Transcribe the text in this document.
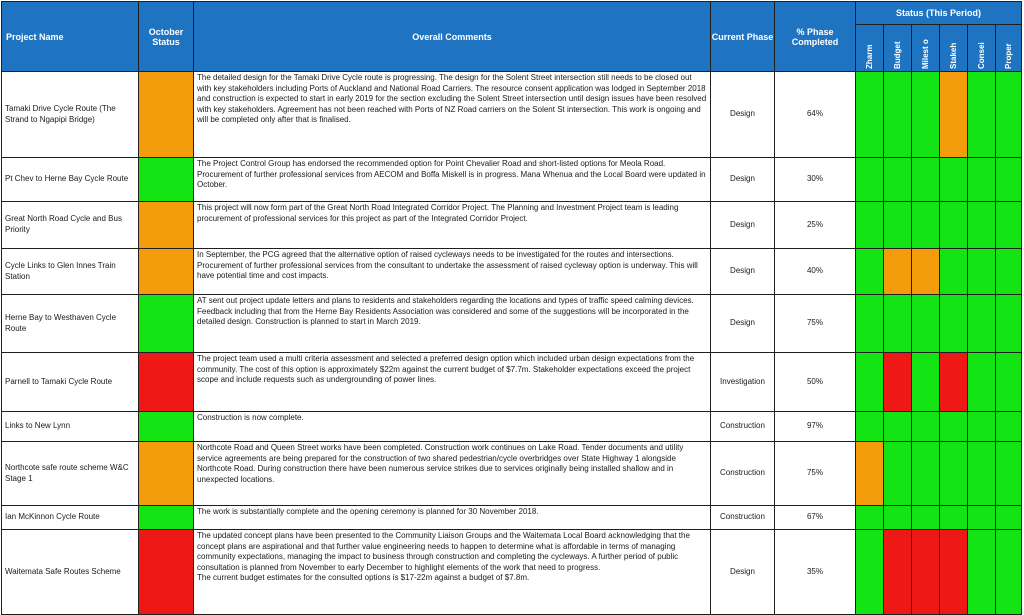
Project Name	October Status	Overall Comments	Current Phase	% Phase Completed	Status (This Period)					
					Zharm	Budget	Milest o	Stakeh	Consei	Proper
Tamaki Drive Cycle Route (The Strand to Ngapipi Bridge)		The detailed design for the Tamaki Drive Cycle route is progressing. The design for the Solent Street intersection still needs to be closed out with key stakeholders including Ports of Auckland and National Road Carriers. The resource consent application was lodged in September 2018 and construction is expected to start in early 2019 for the section excluding the Solent Street intersection until design issues have been resolved with key stakeholders. Agreement has not been reached with Ports of NZ Road carriers on the Solent St intersection. This work is ongoing and will be completed only after that is finalised.	Design	64%						
Pt Chev to Herne Bay Cycle Route		The Project Control Group has endorsed the recommended option for Point Chevalier Road and short-listed options for Meola Road. Procurement of further professional services from AECOM and Boffa Miskell is in progress. Mana Whenua and the Local Board were updated in October.	Design	30%						
Great North Road Cycle and Bus Priority		This project will now form part of the Great North Road Integrated Corridor Project. The Planning and Investment Project team is leading procurement of professional services for this project as part of the Integrated Corridor Project.	Design	25%						
Cycle Links to Glen Innes Train Station		In September, the PCG agreed that the alternative option of raised cycleways needs to be investigated for the routes and intersections. Procurement of further professional services from the consultant to undertake the assessment of raised cycleway option is underway. This will have potential time and cost impacts.	Design	40%						
Herne Bay to Westhaven Cycle Route		AT sent out project update letters and plans to residents and stakeholders regarding the locations and types of traffic speed calming devices. Feedback including that from the Herne Bay Residents Association was considered and some of the suggestions will be incorporated in the detailed design. Construction is planned to start in March 2019.	Design	75%						
Parnell to Tamaki Cycle Route		The project team used a multi criteria assessment and selected a preferred design option which included urban design expectations from the community. The cost of this option is approximately $22m against the current budget of $7.7m. Stakeholder expectations exceed the project scope and include requests such as undergrounding of power lines.	Investigation	50%						
Links to New Lynn		Construction is now complete.	Construction	97%						
Northcote safe route scheme W&C Stage 1		Northcote Road and Queen Street works have been completed. Construction work continues on Lake Road. Tender documents and utility service agreements are being prepared for the construction of two shared pedestrian/cycle overbridges over State Highway 1 alongside Northcote Road. During construction there have been numerous service strikes due to services originally being installed shallow and in unexpected locations.	Construction	75%						
Ian McKinnon Cycle Route		The work is substantially complete and the opening ceremony is planned for 30 November 2018.	Construction	67%						
Waitemata Safe Routes Scheme		The updated concept plans have been presented to the Community Liaison Groups and the Waitemata Local Board acknowledging that the concept plans are aspirational and that further value engineering needs to happen to determine what is affordable in terms of managing community expectations, managing the impact to business through construction and completing the cycleways. A further period of public consultation is planned from November to early December to highlight elements of the work that need to progress.
The current budget estimates for the consulted options is $17-22m against a budget of $7.8m.	Design	35%						
